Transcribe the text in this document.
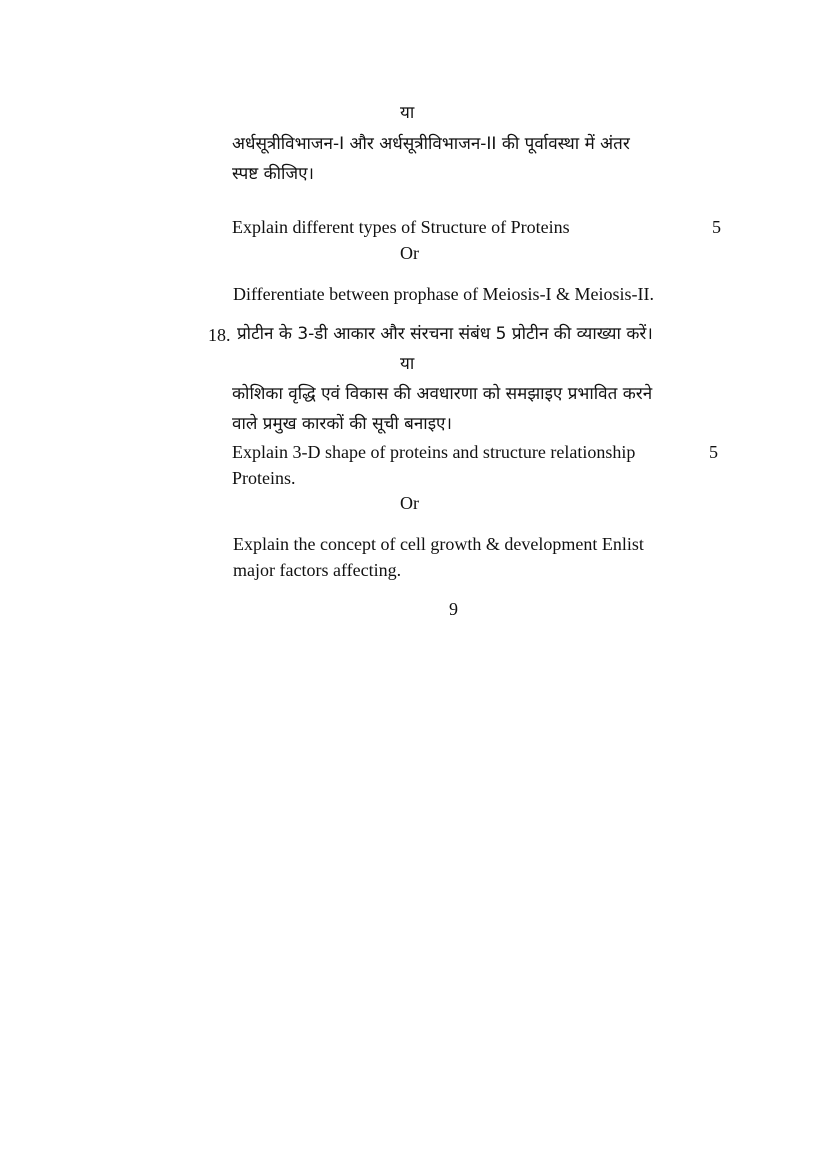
या
अर्धसूत्रीविभाजन-I और अर्धसूत्रीविभाजन-II की पूर्वावस्था में अंतर
स्पष्ट कीजिए।
Explain different types of Structure of Proteins	5
Or
Differentiate between prophase of Meiosis-I & Meiosis-II.
18. प्रोटीन के 3-डी आकार और संरचना संबंध 5 प्रोटीन की व्याख्या करें।
या
कोशिका वृद्धि एवं विकास की अवधारणा को समझाइए प्रभावित करने
वाले प्रमुख कारकों की सूची बनाइए।
Explain 3-D shape of proteins and structure relationship	5
Proteins.
Or
Explain the concept of cell growth & development Enlist
major factors affecting.
9
